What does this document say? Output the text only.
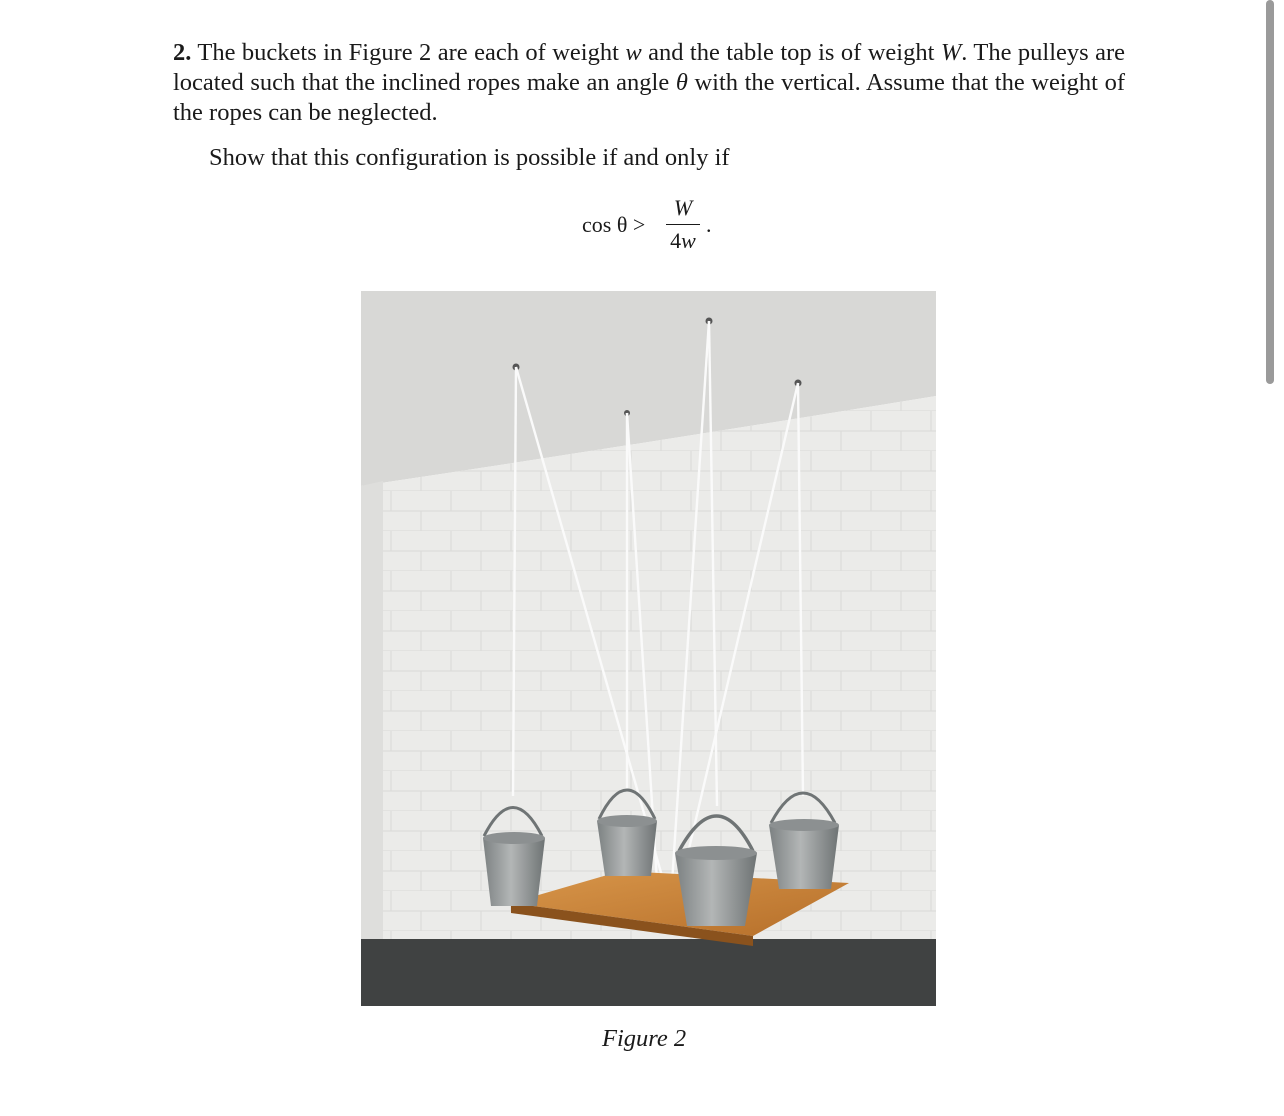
2. The buckets in Figure 2 are each of weight w and the table top is of weight W. The pulleys are located such that the inclined ropes make an angle θ with the vertical. Assume that the weight of the ropes can be neglected.
Show that this configuration is possible if and only if
cos θ >
W
4w
.
Figure 2
